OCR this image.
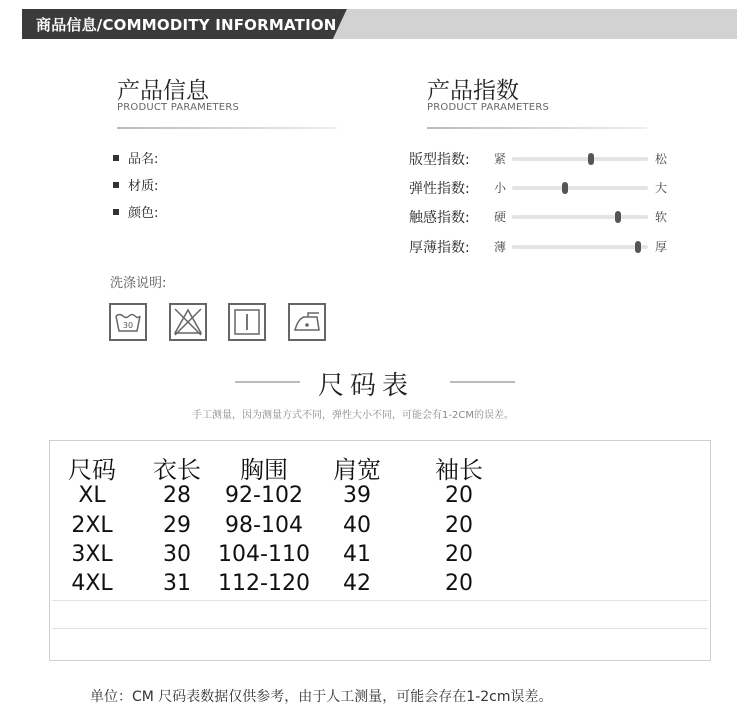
商品信息/COMMODITY INFORMATION
产品信息
PRODUCT PARAMETERS
品名:
材质:
颜色:
产品指数
PRODUCT PARAMETERS
版型指数: 紧	松
弹性指数: 小	大
触感指数: 硬	软
厚薄指数: 薄	厚
洗涤说明:
30
尺码表
手工测量，因为测量方式不同，弹性大小不同，可能会有1-2CM的误差。
尺码	衣长	胸围	肩宽	袖长
XL	28	92-102	39	20
2XL	29	98-104	40	20
3XL	30	104-110	41	20
4XL	31	112-120	42	20
单位：CM 尺码表数据仅供参考，由于人工测量，可能会存在1-2cm误差。
